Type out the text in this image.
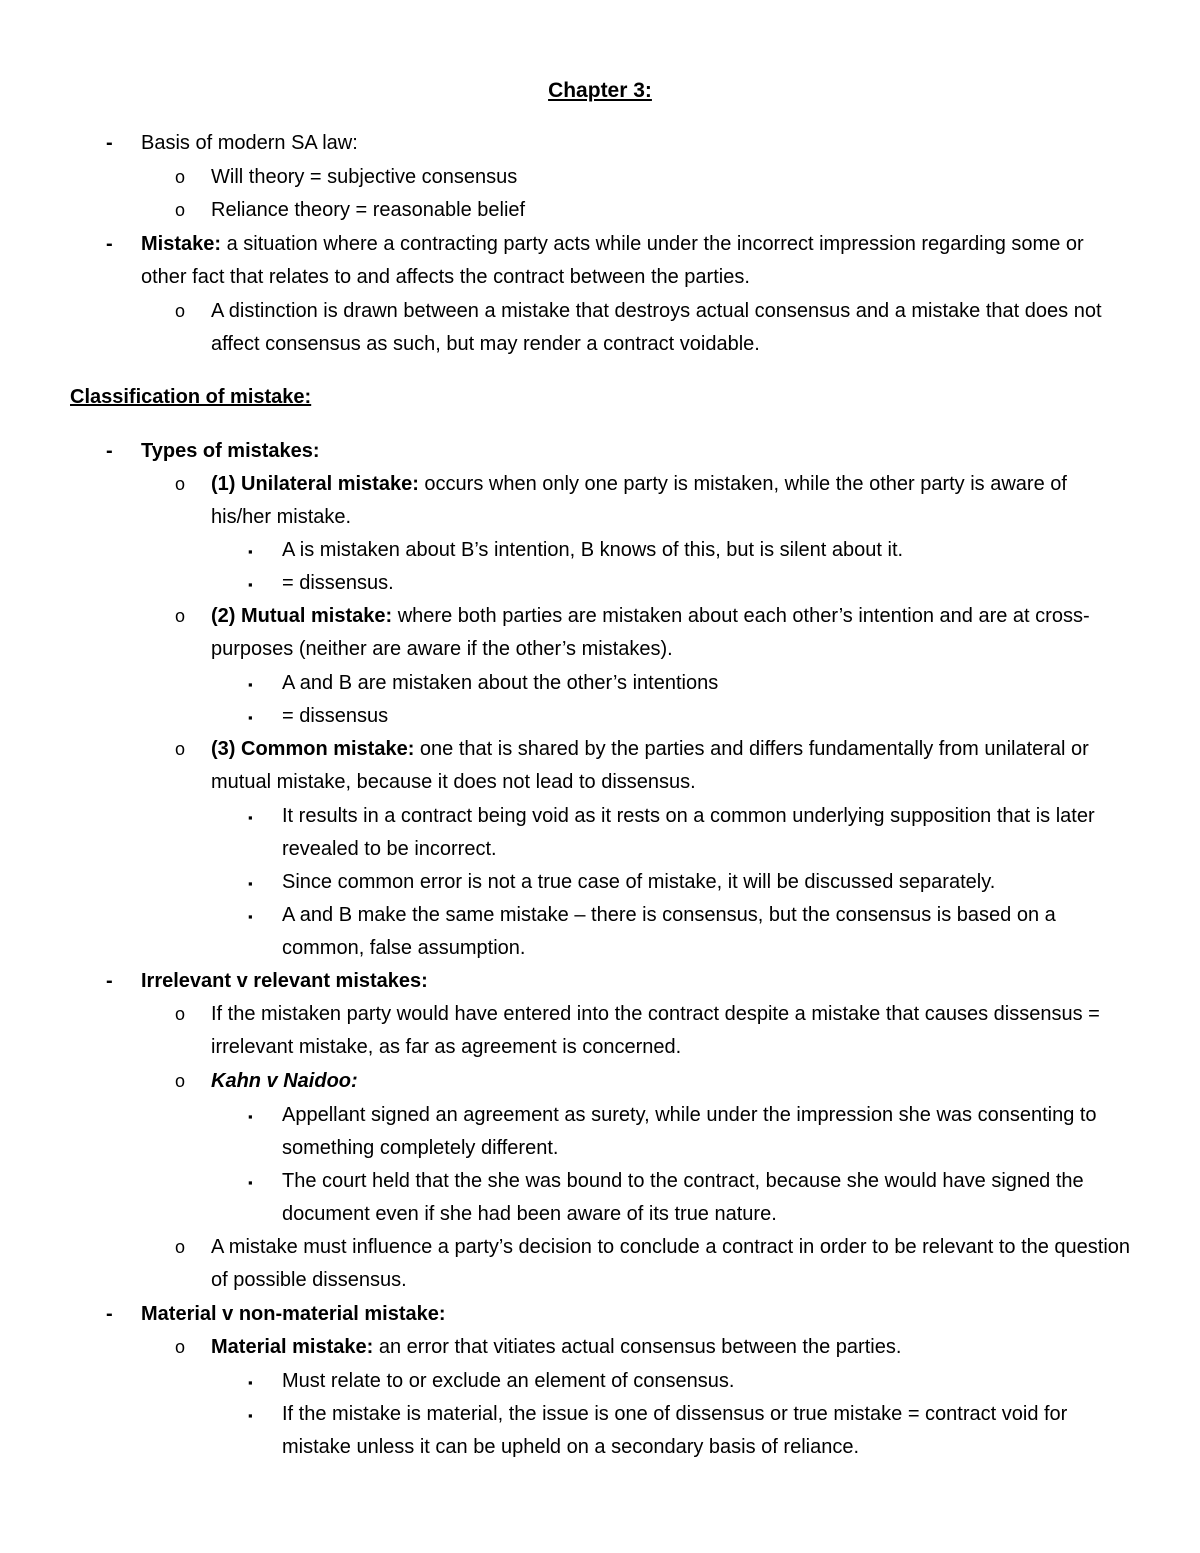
Chapter 3:
- Basis of modern SA law:
o Will theory = subjective consensus
o Reliance theory = reasonable belief
- Mistake: a situation where a contracting party acts while under the incorrect impression regarding some or other fact that relates to and affects the contract between the parties.
o A distinction is drawn between a mistake that destroys actual consensus and a mistake that does not affect consensus as such, but may render a contract voidable.
Classification of mistake:
- Types of mistakes:
o (1) Unilateral mistake: occurs when only one party is mistaken, while the other party is aware of his/her mistake.
▪ A is mistaken about B’s intention, B knows of this, but is silent about it.
▪ = dissensus.
o (2) Mutual mistake: where both parties are mistaken about each other’s intention and are at cross-purposes (neither are aware if the other’s mistakes).
▪ A and B are mistaken about the other’s intentions
▪ = dissensus
o (3) Common mistake: one that is shared by the parties and differs fundamentally from unilateral or mutual mistake, because it does not lead to dissensus.
▪ It results in a contract being void as it rests on a common underlying supposition that is later revealed to be incorrect.
▪ Since common error is not a true case of mistake, it will be discussed separately.
▪ A and B make the same mistake – there is consensus, but the consensus is based on a common, false assumption.
- Irrelevant v relevant mistakes:
o If the mistaken party would have entered into the contract despite a mistake that causes dissensus = irrelevant mistake, as far as agreement is concerned.
o Kahn v Naidoo:
▪ Appellant signed an agreement as surety, while under the impression she was consenting to something completely different.
▪ The court held that the she was bound to the contract, because she would have signed the document even if she had been aware of its true nature.
o A mistake must influence a party’s decision to conclude a contract in order to be relevant to the question of possible dissensus.
- Material v non-material mistake:
o Material mistake: an error that vitiates actual consensus between the parties.
▪ Must relate to or exclude an element of consensus.
▪ If the mistake is material, the issue is one of dissensus or true mistake = contract void for mistake unless it can be upheld on a secondary basis of reliance.
